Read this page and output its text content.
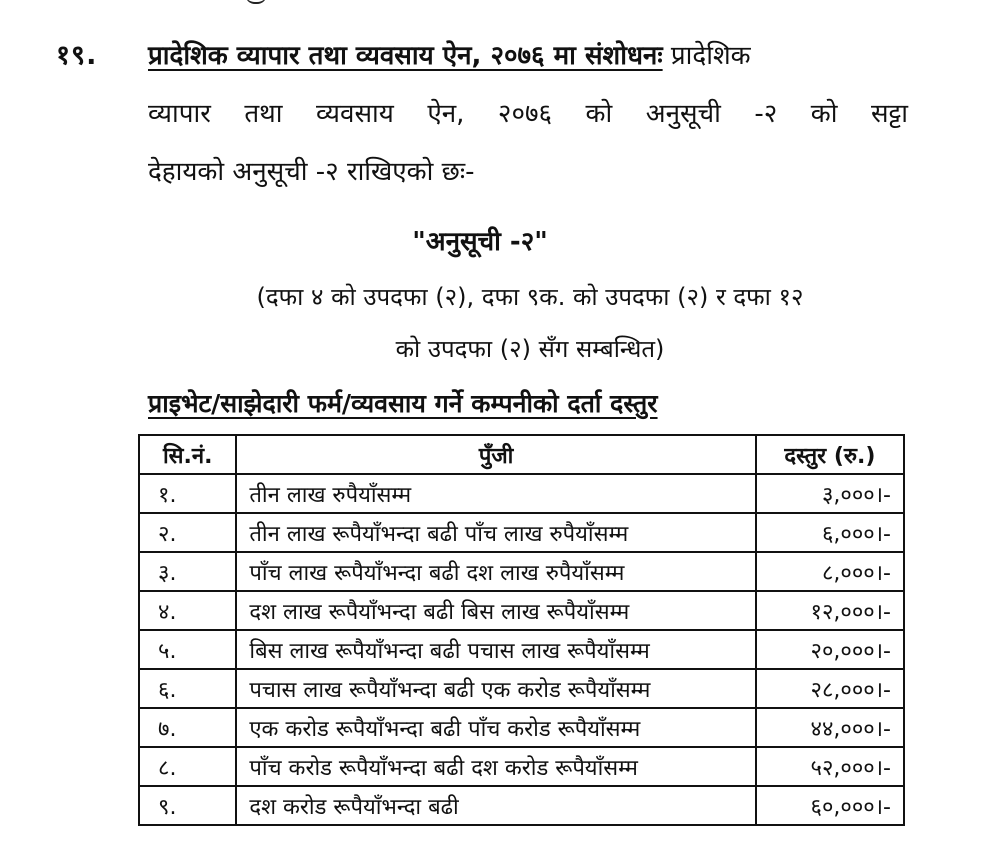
१९. प्रादेशिक व्यापार तथा व्यवसाय ऐन, २०७६ मा संशोधनः प्रादेशिक
व्यापार तथा व्यवसाय ऐन, २०७६ को अनुसूची -२ को सट्टा
देहायको अनुसूची -२ राखिएको छः-
"अनुसूची -२"
(दफा ४ को उपदफा (२), दफा ९क. को उपदफा (२) र दफा १२
को उपदफा (२) सँग सम्बन्धित)
प्राइभेट/साझेदारी फर्म/व्यवसाय गर्ने कम्पनीको दर्ता दस्तुर
सि.नं.	पुँजी	दस्तुर (रु.)
१.	तीन लाख रुपैयाँसम्म	३,०००।-
२.	तीन लाख रूपैयाँभन्दा बढी पाँच लाख रुपैयाँसम्म	६,०००।-
३.	पाँच लाख रूपैयाँभन्दा बढी दश लाख रुपैयाँसम्म	८,०००।-
४.	दश लाख रूपैयाँभन्दा बढी बिस लाख रूपैयाँसम्म	१२,०००।-
५.	बिस लाख रूपैयाँभन्दा बढी पचास लाख रूपैयाँसम्म	२०,०००।-
६.	पचास लाख रूपैयाँभन्दा बढी एक करोड रूपैयाँसम्म	२८,०००।-
७.	एक करोड रूपैयाँभन्दा बढी पाँच करोड रूपैयाँसम्म	४४,०००।-
८.	पाँच करोड रूपैयाँभन्दा बढी दश करोड रूपैयाँसम्म	५२,०००।-
९.	दश करोड रूपैयाँभन्दा बढी	६०,०००।-
